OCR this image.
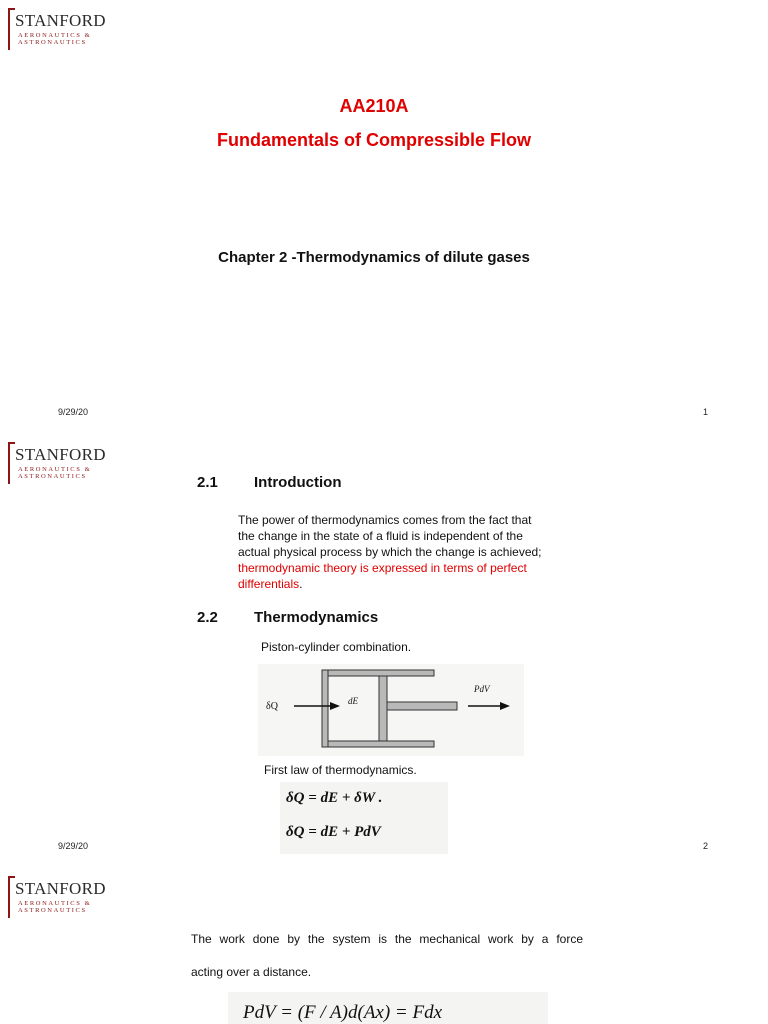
STANFORD
AERONAUTICS &
ASTRONAUTICS
AA210A
Fundamentals of Compressible Flow
Chapter 2 -Thermodynamics of dilute gases
9/29/20	1
STANFORD
AERONAUTICS &
ASTRONAUTICS	2.1 Introduction
The power of thermodynamics comes from the fact that
the change in the state of a fluid is independent of the
actual physical process by which the change is achieved;
thermodynamic theory is expressed in terms of perfect
differentials.
2.2 Thermodynamics
Piston-cylinder combination.
δQ	dE
PdV
First law of thermodynamics.
δQ = dE + δW .
δQ = dE + PdV
9/29/20	2
STANFORD
AERONAUTICS &
ASTRONAUTICS
The work done by the system is the mechanical work by a force
acting over a distance.
PdV = (F / A)d(Ax) = Fdx
